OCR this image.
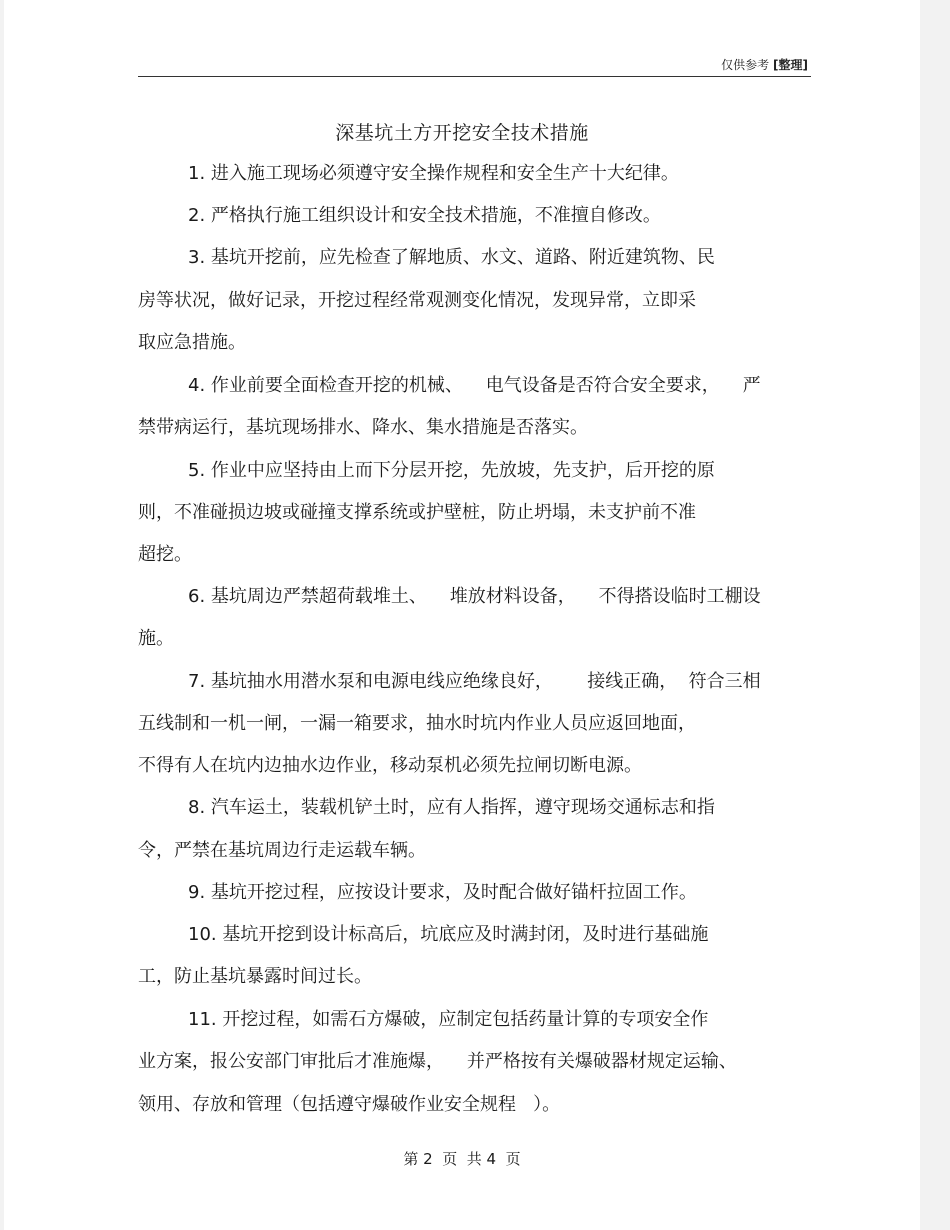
仅供参考 [整理]
深基坑土方开挖安全技术措施
1. 进入施工现场必须遵守安全操作规程和安全生产十大纪律。
2. 严格执行施工组织设计和安全技术措施，不准擅自修改。
3. 基坑开挖前，应先检查了解地质、水文、道路、附近建筑物、民
房等状况，做好记录，开挖过程经常观测变化情况，发现异常，立即采
取应急措施。
4. 作业前要全面检查开挖的机械、    电气设备是否符合安全要求，    严
禁带病运行，基坑现场排水、降水、集水措施是否落实。
5. 作业中应坚持由上而下分层开挖，先放坡，先支护，后开挖的原
则，不准碰损边坡或碰撞支撑系统或护壁桩，防止坍塌，未支护前不准
超挖。
6. 基坑周边严禁超荷载堆土、    堆放材料设备，    不得搭设临时工棚设
施。
7. 基坑抽水用潜水泵和电源电线应绝缘良好，      接线正确，  符合三相
五线制和一机一闸，一漏一箱要求，抽水时坑内作业人员应返回地面，
不得有人在坑内边抽水边作业，移动泵机必须先拉闸切断电源。
8. 汽车运土，装载机铲土时，应有人指挥，遵守现场交通标志和指
令，严禁在基坑周边行走运载车辆。
9. 基坑开挖过程，应按设计要求，及时配合做好锚杆拉固工作。
10. 基坑开挖到设计标高后，坑底应及时满封闭，及时进行基础施
工，防止基坑暴露时间过长。
11. 开挖过程，如需石方爆破，应制定包括药量计算的专项安全作
业方案，报公安部门审批后才准施爆，    并严格按有关爆破器材规定运输、
领用、存放和管理（包括遵守爆破作业安全规程   ）。
第 2  页  共 4  页
